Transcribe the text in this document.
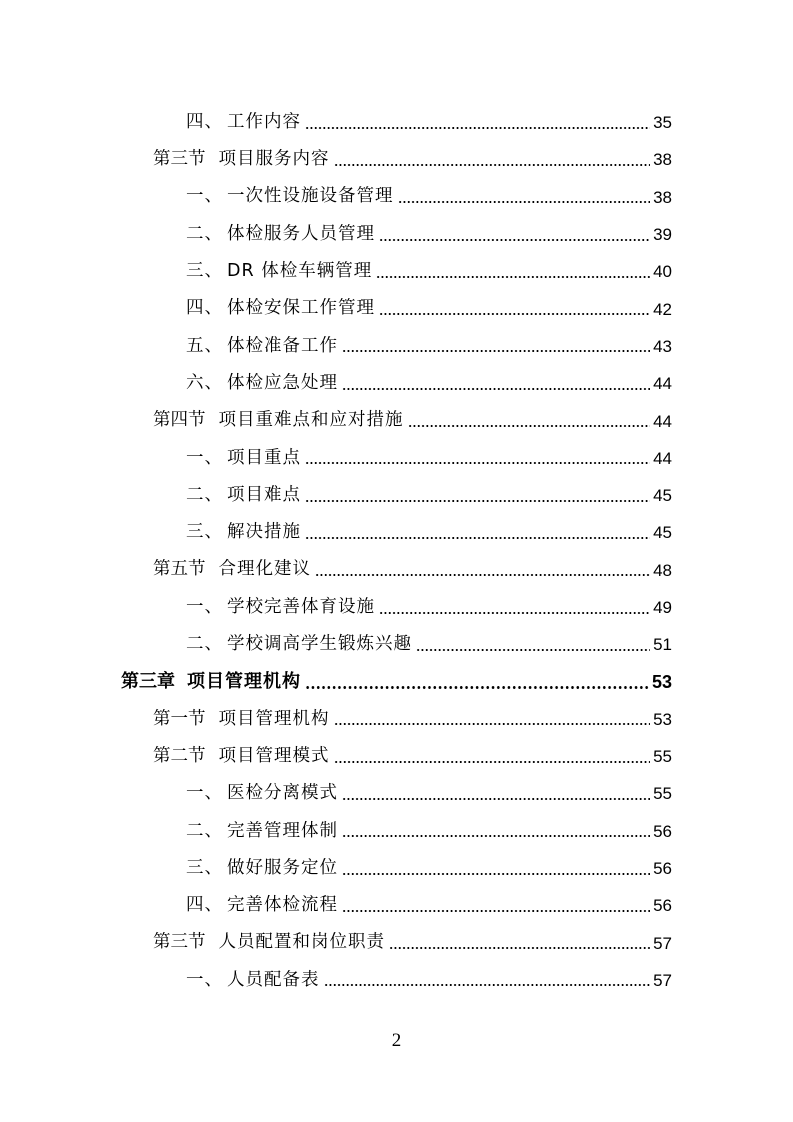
四、 工作内容	35
第三节 项目服务内容	38
一、 一次性设施设备管理	38
二、 体检服务人员管理	39
三、 DR 体检车辆管理	40
四、 体检安保工作管理	42
五、 体检准备工作	43
六、 体检应急处理	44
第四节 项目重难点和应对措施	44
一、 项目重点	44
二、 项目难点	45
三、 解决措施	45
第五节 合理化建议	48
一、 学校完善体育设施	49
二、 学校调高学生锻炼兴趣	51
第三章 项目管理机构	53
第一节 项目管理机构	53
第二节 项目管理模式	55
一、 医检分离模式	55
二、 完善管理体制	56
三、 做好服务定位	56
四、 完善体检流程	56
第三节 人员配置和岗位职责	57
一、 人员配备表	57
2
